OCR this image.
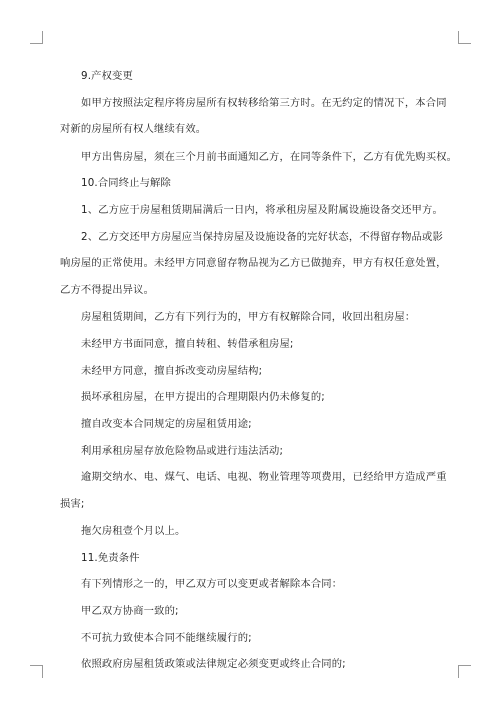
9.产权变更

如甲方按照法定程序将房屋所有权转移给第三方时。在无约定的情况下，本合同

对新的房屋所有权人继续有效。

甲方出售房屋，须在三个月前书面通知乙方，在同等条件下，乙方有优先购买权。

10.合同终止与解除

1、乙方应于房屋租赁期届满后一日内，将承租房屋及附属设施设备交还甲方。

2、乙方交还甲方房屋应当保持房屋及设施设备的完好状态，不得留存物品或影

响房屋的正常使用。未经甲方同意留存物品视为乙方已做抛弃，甲方有权任意处置，

乙方不得提出异议。

房屋租赁期间，乙方有下列行为的，甲方有权解除合同，收回出租房屋：

未经甲方书面同意，擅自转租、转借承租房屋;

未经甲方同意，擅自拆改变动房屋结构;

损坏承租房屋，在甲方提出的合理期限内仍未修复的;

擅自改变本合同规定的房屋租赁用途;

利用承租房屋存放危险物品或进行违法活动;

逾期交纳水、电、煤气、电话、电视、物业管理等项费用，已经给甲方造成严重

损害;

拖欠房租壹个月以上。

11.免责条件

有下列情形之一的，甲乙双方可以变更或者解除本合同：

甲乙双方协商一致的;

不可抗力致使本合同不能继续履行的;

依照政府房屋租赁政策或法律规定必须变更或终止合同的;
